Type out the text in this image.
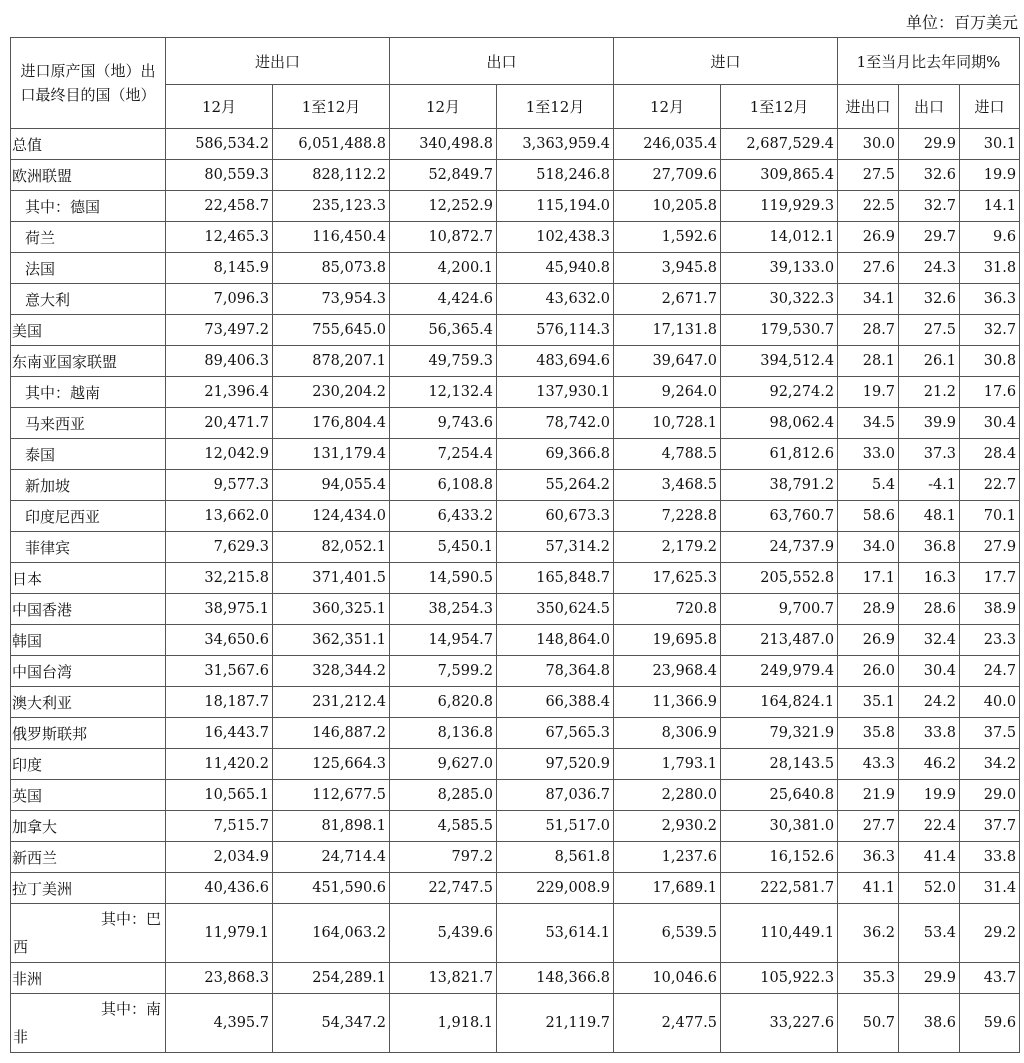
单位：百万美元
进口原产国（地）出口最终目的国（地）	进出口		出口		进口		1至当月比去年同期%		
	12月	1至12月	12月	1至12月	12月	1至12月	进出口	出口	进口
总值	586,534.2	6,051,488.8	340,498.8	3,363,959.4	246,035.4	2,687,529.4	30.0	29.9	30.1
欧洲联盟	80,559.3	828,112.2	52,849.7	518,246.8	27,709.6	309,865.4	27.5	32.6	19.9
其中：德国	22,458.7	235,123.3	12,252.9	115,194.0	10,205.8	119,929.3	22.5	32.7	14.1
荷兰	12,465.3	116,450.4	10,872.7	102,438.3	1,592.6	14,012.1	26.9	29.7	9.6
法国	8,145.9	85,073.8	4,200.1	45,940.8	3,945.8	39,133.0	27.6	24.3	31.8
意大利	7,096.3	73,954.3	4,424.6	43,632.0	2,671.7	30,322.3	34.1	32.6	36.3
美国	73,497.2	755,645.0	56,365.4	576,114.3	17,131.8	179,530.7	28.7	27.5	32.7
东南亚国家联盟	89,406.3	878,207.1	49,759.3	483,694.6	39,647.0	394,512.4	28.1	26.1	30.8
其中：越南	21,396.4	230,204.2	12,132.4	137,930.1	9,264.0	92,274.2	19.7	21.2	17.6
马来西亚	20,471.7	176,804.4	9,743.6	78,742.0	10,728.1	98,062.4	34.5	39.9	30.4
泰国	12,042.9	131,179.4	7,254.4	69,366.8	4,788.5	61,812.6	33.0	37.3	28.4
新加坡	9,577.3	94,055.4	6,108.8	55,264.2	3,468.5	38,791.2	5.4	-4.1	22.7
印度尼西亚	13,662.0	124,434.0	6,433.2	60,673.3	7,228.8	63,760.7	58.6	48.1	70.1
菲律宾	7,629.3	82,052.1	5,450.1	57,314.2	2,179.2	24,737.9	34.0	36.8	27.9
日本	32,215.8	371,401.5	14,590.5	165,848.7	17,625.3	205,552.8	17.1	16.3	17.7
中国香港	38,975.1	360,325.1	38,254.3	350,624.5	720.8	9,700.7	28.9	28.6	38.9
韩国	34,650.6	362,351.1	14,954.7	148,864.0	19,695.8	213,487.0	26.9	32.4	23.3
中国台湾	31,567.6	328,344.2	7,599.2	78,364.8	23,968.4	249,979.4	26.0	30.4	24.7
澳大利亚	18,187.7	231,212.4	6,820.8	66,388.4	11,366.9	164,824.1	35.1	24.2	40.0
俄罗斯联邦	16,443.7	146,887.2	8,136.8	67,565.3	8,306.9	79,321.9	35.8	33.8	37.5
印度	11,420.2	125,664.3	9,627.0	97,520.9	1,793.1	28,143.5	43.3	46.2	34.2
英国	10,565.1	112,677.5	8,285.0	87,036.7	2,280.0	25,640.8	21.9	19.9	29.0
加拿大	7,515.7	81,898.1	4,585.5	51,517.0	2,930.2	30,381.0	27.7	22.4	37.7
新西兰	2,034.9	24,714.4	797.2	8,561.8	1,237.6	16,152.6	36.3	41.4	33.8
拉丁美洲	40,436.6	451,590.6	22,747.5	229,008.9	17,689.1	222,581.7	41.1	52.0	31.4

其中：巴
西	11,979.1	164,063.2	5,439.6	53,614.1	6,539.5	110,449.1	36.2	53.4	29.2
非洲	23,868.3	254,289.1	13,821.7	148,366.8	10,046.6	105,922.3	35.3	29.9	43.7

其中：南
非	4,395.7	54,347.2	1,918.1	21,119.7	2,477.5	33,227.6	50.7	38.6	59.6
